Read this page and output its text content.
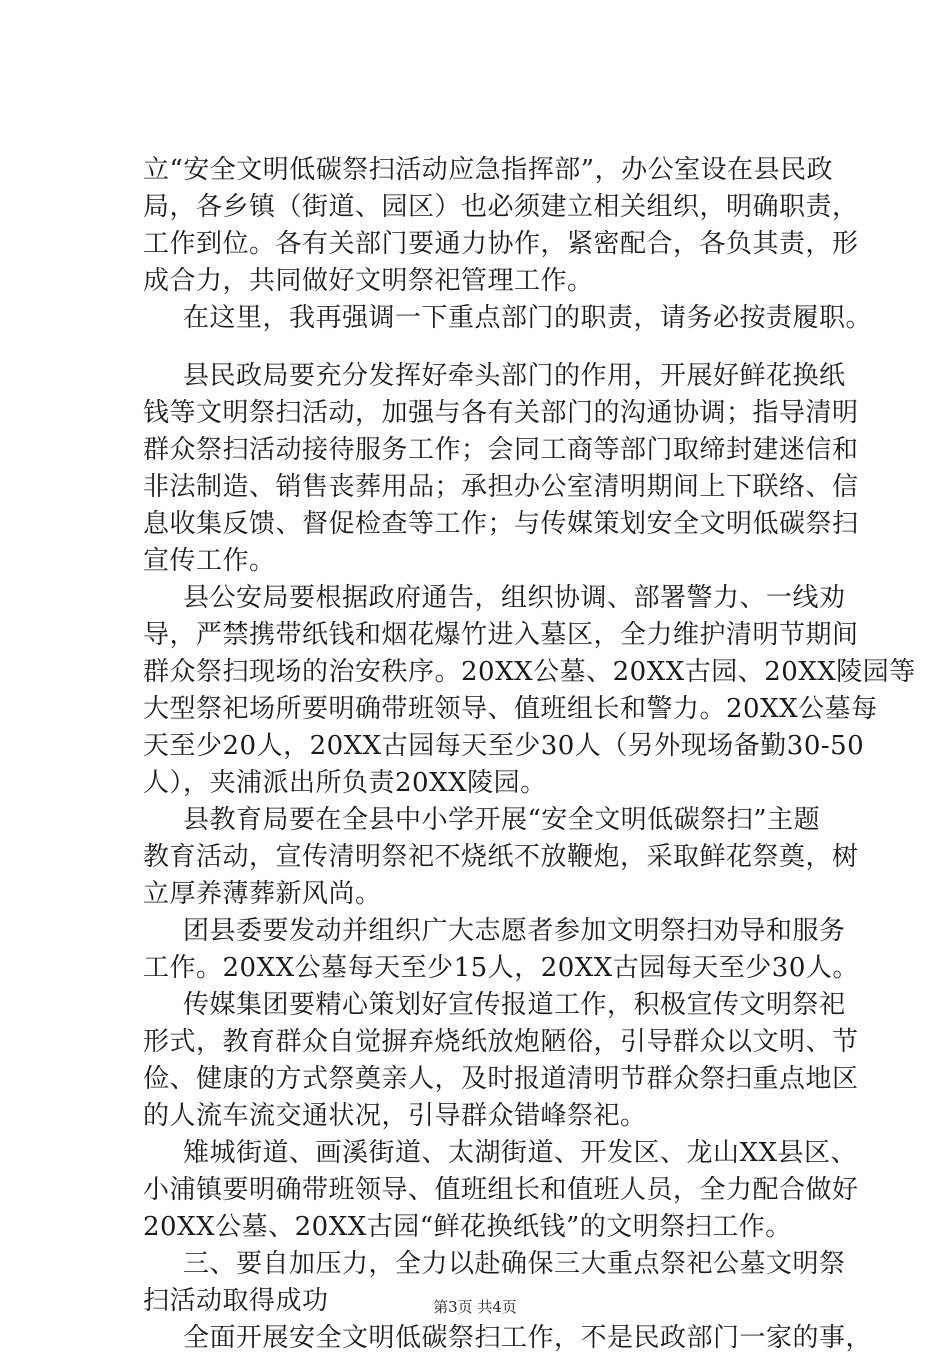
立“安全文明低碳祭扫活动应急指挥部”，办公室设在县民政
局，各乡镇（街道、园区）也必须建立相关组织，明确职责，
工作到位。各有关部门要通力协作，紧密配合，各负其责，形
成合力，共同做好文明祭祀管理工作。
在这里，我再强调一下重点部门的职责，请务必按责履职。
县民政局要充分发挥好牵头部门的作用，开展好鲜花换纸
钱等文明祭扫活动，加强与各有关部门的沟通协调；指导清明
群众祭扫活动接待服务工作；会同工商等部门取缔封建迷信和
非法制造、销售丧葬用品；承担办公室清明期间上下联络、信
息收集反馈、督促检查等工作；与传媒策划安全文明低碳祭扫
宣传工作。
县公安局要根据政府通告，组织协调、部署警力、一线劝
导，严禁携带纸钱和烟花爆竹进入墓区，全力维护清明节期间
群众祭扫现场的治安秩序。20XX公墓、20XX古园、20XX陵园等
大型祭祀场所要明确带班领导、值班组长和警力。20XX公墓每
天至少20人，20XX古园每天至少30人（另外现场备勤30-50
人），夹浦派出所负责20XX陵园。
县教育局要在全县中小学开展“安全文明低碳祭扫”主题
教育活动，宣传清明祭祀不烧纸不放鞭炮，采取鲜花祭奠，树
立厚养薄葬新风尚。
团县委要发动并组织广大志愿者参加文明祭扫劝导和服务
工作。20XX公墓每天至少15人，20XX古园每天至少30人。
传媒集团要精心策划好宣传报道工作，积极宣传文明祭祀
形式，教育群众自觉摒弃烧纸放炮陋俗，引导群众以文明、节
俭、健康的方式祭奠亲人，及时报道清明节群众祭扫重点地区
的人流车流交通状况，引导群众错峰祭祀。
雉城街道、画溪街道、太湖街道、开发区、龙山XX县区、
小浦镇要明确带班领导、值班组长和值班人员，全力配合做好
20XX公墓、20XX古园“鲜花换纸钱”的文明祭扫工作。
三、要自加压力，全力以赴确保三大重点祭祀公墓文明祭
扫活动取得成功
全面开展安全文明低碳祭扫工作，不是民政部门一家的事，
第3页 共4页
